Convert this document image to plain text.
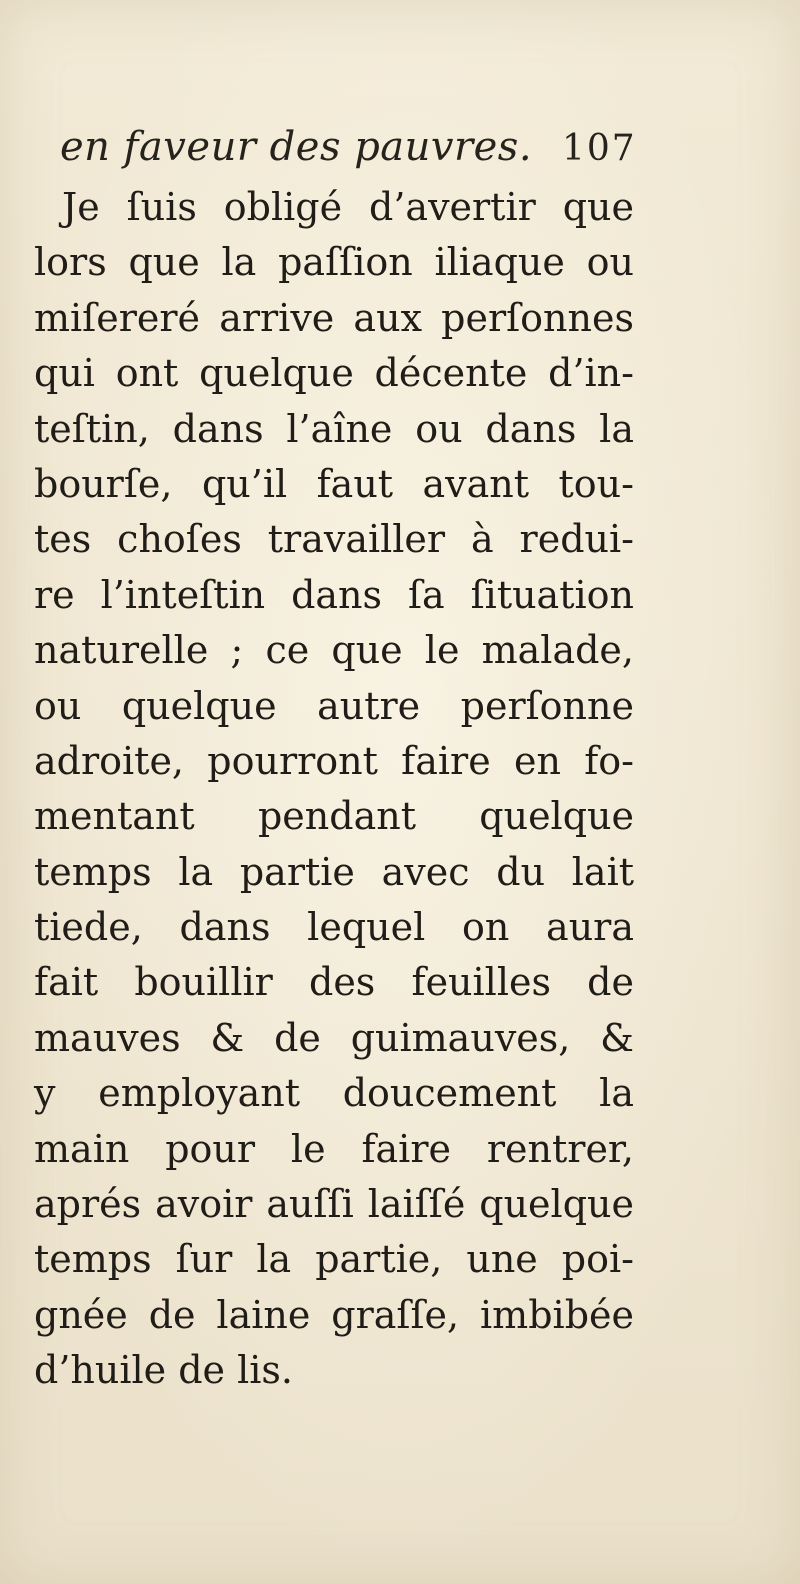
en faveur des pauvres. 107
Je ſuis obligé d’avertir que
lors que la paſſion iliaque ou
miſereré arrive aux perſonnes
qui ont quelque décente d’in-
teſtin, dans l’aîne ou dans la
bourſe, qu’il faut avant tou-
tes choſes travailler à redui-
re l’inteſtin dans ſa ſituation
naturelle ; ce que le malade,
ou quelque autre perſonne
adroite, pourront faire en fo-
mentant pendant quelque
temps la partie avec du lait
tiede, dans lequel on aura
fait bouillir des feuilles de
mauves & de guimauves, &
y employant doucement la
main pour le faire rentrer,
aprés avoir auſſi laiſſé quelque
temps ſur la partie, une poi-
gnée de laine graſſe, imbibée
d’huile de lis.
